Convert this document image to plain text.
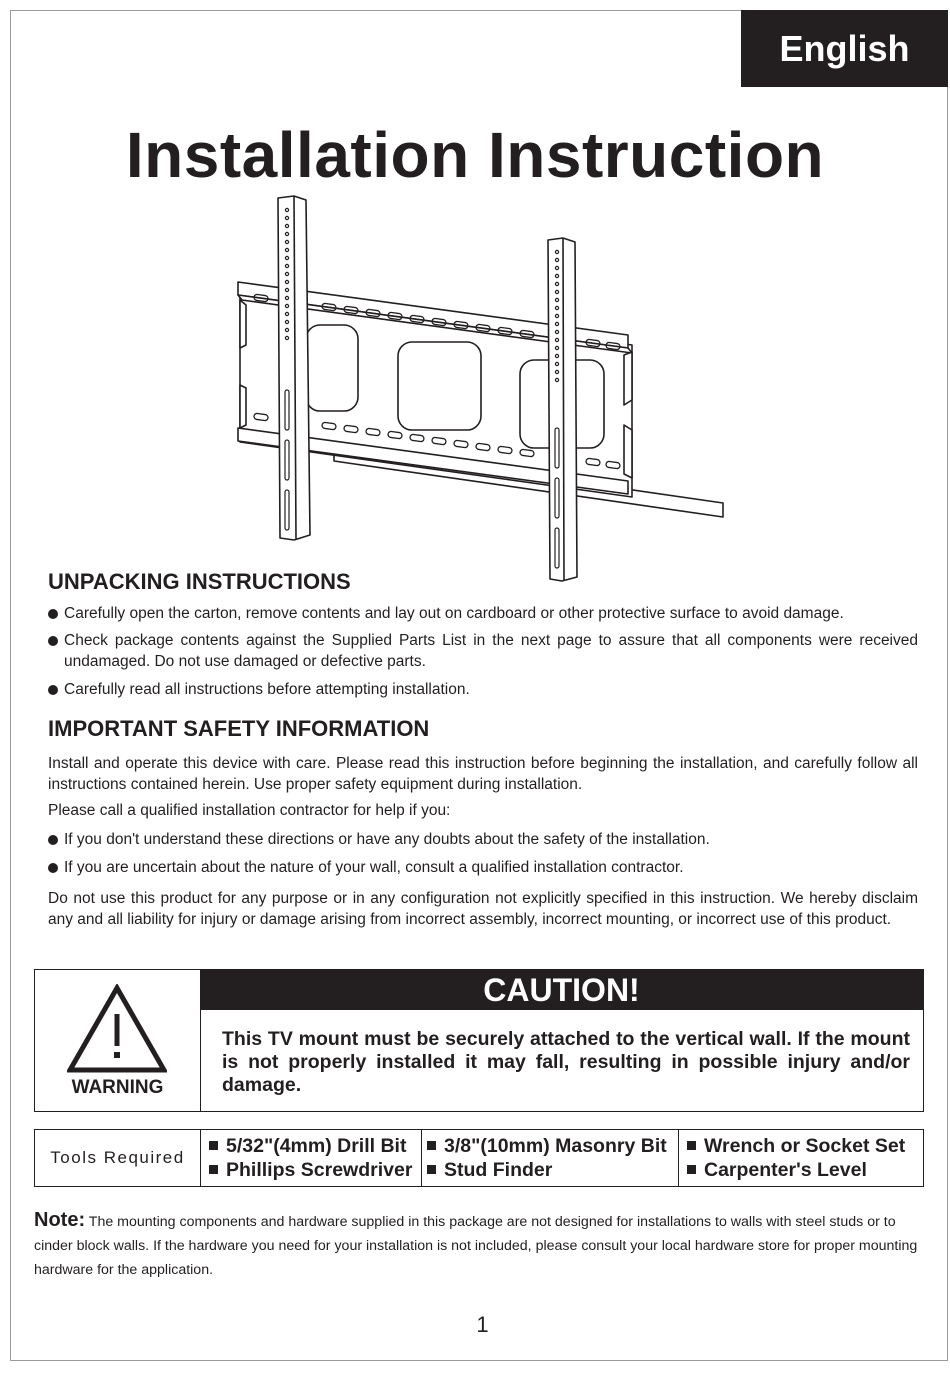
English
Installation Instruction
UNPACKING INSTRUCTIONS
Carefully open the carton, remove contents and lay out on cardboard or other protective surface to avoid damage.
Check package contents against the Supplied Parts List in the next page to assure that all components were received undamaged. Do not use damaged or defective parts.
Carefully read all instructions before attempting installation.
IMPORTANT SAFETY INFORMATION
Install and operate this device with care. Please read this instruction before beginning the installation, and carefully follow all instructions contained herein. Use proper safety equipment during installation.
Please call a qualified installation contractor for help if you:
If you don't understand these directions or have any doubts about the safety of the installation.
If you are uncertain about the nature of your wall, consult a qualified installation contractor.
Do not use this product for any purpose or in any configuration not explicitly specified in this instruction. We hereby disclaim any and all liability for injury or damage arising from incorrect assembly, incorrect mounting, or incorrect use of this product.
WARNING
CAUTION!
This TV mount must be securely attached to the vertical wall. If the mount is not properly installed it may fall, resulting in possible injury and/or damage.
Tools Required
5/32"(4mm) Drill Bit
Phillips Screwdriver
3/8"(10mm) Masonry Bit
Stud Finder
Wrench or Socket Set
Carpenter's Level
Note: The mounting components and hardware supplied in this package are not designed for installations to walls with steel studs or to cinder block walls. If the hardware you need for your installation is not included, please consult your local hardware store for proper mounting hardware for the application.
1
